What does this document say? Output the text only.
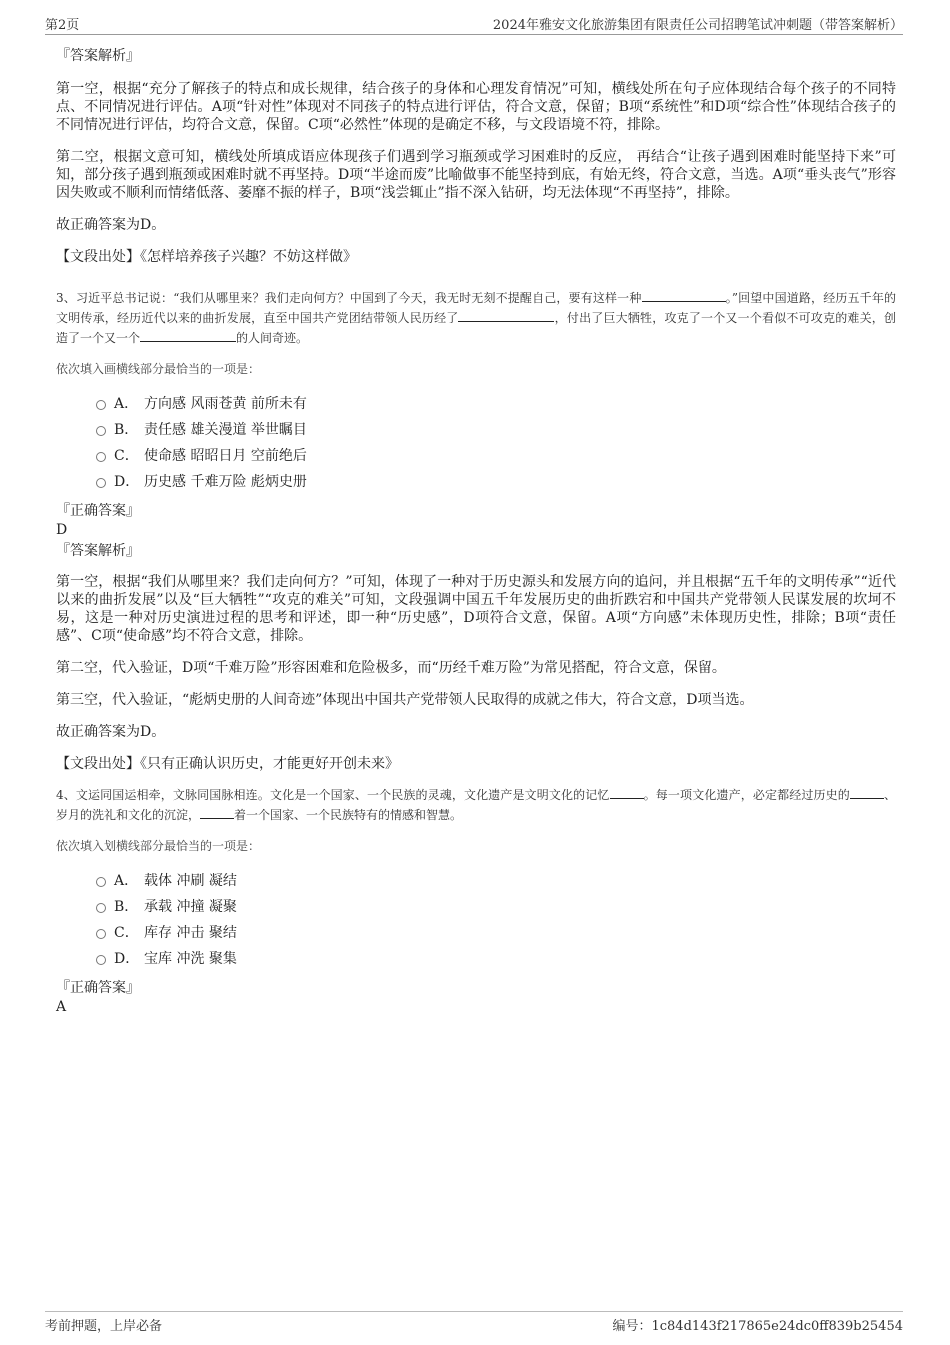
第2页	2024年雅安文化旅游集团有限责任公司招聘笔试冲刺题（带答案解析）

『答案解析』

第一空，根据“充分了解孩子的特点和成长规律，结合孩子的身体和心理发育情况”可知，横线处所在句子应体现结合每个孩子的不同特点、不同情况进行评估。A项“针对性”体现对不同孩子的特点进行评估，符合文意，保留；B项“系统性”和D项“综合性”体现结合孩子的不同情况进行评估，均符合文意，保留。C项“必然性”体现的是确定不移，与文段语境不符，排除。

第二空，根据文意可知，横线处所填成语应体现孩子们遇到学习瓶颈或学习困难时的反应， 再结合“让孩子遇到困难时能坚持下来”可知，部分孩子遇到瓶颈或困难时就不再坚持。D项“半途而废”比喻做事不能坚持到底，有始无终，符合文意，当选。A项“垂头丧气”形容因失败或不顺利而情绪低落、萎靡不振的样子，B项“浅尝辄止”指不深入钻研，均无法体现“不再坚持”，排除。

故正确答案为D。

【文段出处】《怎样培养孩子兴趣？不妨这样做》

3、习近平总书记说：“我们从哪里来？我们走向何方？中国到了今天，我无时无刻不提醒自己，要有这样一种	。”回望中国道路，经历五千年的文明传承，经历近代以来的曲折发展，直至中国共产党团结带领人民历经了	，付出了巨大牺牲，攻克了一个又一个看似不可攻克的难关，创造了一个又一个	的人间奇迹。

依次填入画横线部分最恰当的一项是：

A． 方向感 风雨苍黄 前所未有
B． 责任感 雄关漫道 举世瞩目
C． 使命感 昭昭日月 空前绝后
D． 历史感 千难万险 彪炳史册

『正确答案』

D

『答案解析』

第一空，根据“我们从哪里来？我们走向何方？”可知，体现了一种对于历史源头和发展方向的追问，并且根据“五千年的文明传承”“近代以来的曲折发展”以及“巨大牺牲”“攻克的难关”可知，文段强调中国五千年发展历史的曲折跌宕和中国共产党带领人民谋发展的坎坷不易，这是一种对历史演进过程的思考和评述，即一种“历史感”，D项符合文意，保留。A项“方向感”未体现历史性，排除；B项“责任感”、C项“使命感”均不符合文意，排除。

第二空，代入验证，D项“千难万险”形容困难和危险极多，而“历经千难万险”为常见搭配，符合文意，保留。

第三空，代入验证，“彪炳史册的人间奇迹”体现出中国共产党带领人民取得的成就之伟大，符合文意，D项当选。

故正确答案为D。

【文段出处】《只有正确认识历史，才能更好开创未来》

4、文运同国运相牵，文脉同国脉相连。文化是一个国家、一个民族的灵魂，文化遗产是文明文化的记忆	。每一项文化遗产，必定都经过历史的	、岁月的洗礼和文化的沉淀，	着一个国家、一个民族特有的情感和智慧。

依次填入划横线部分最恰当的一项是：

A． 载体 冲刷 凝结
B． 承载 冲撞 凝聚
C． 库存 冲击 聚结
D． 宝库 冲洗 聚集

『正确答案』

A

考前押题，上岸必备	编号：1c84d143f217865e24dc0ff839b25454
